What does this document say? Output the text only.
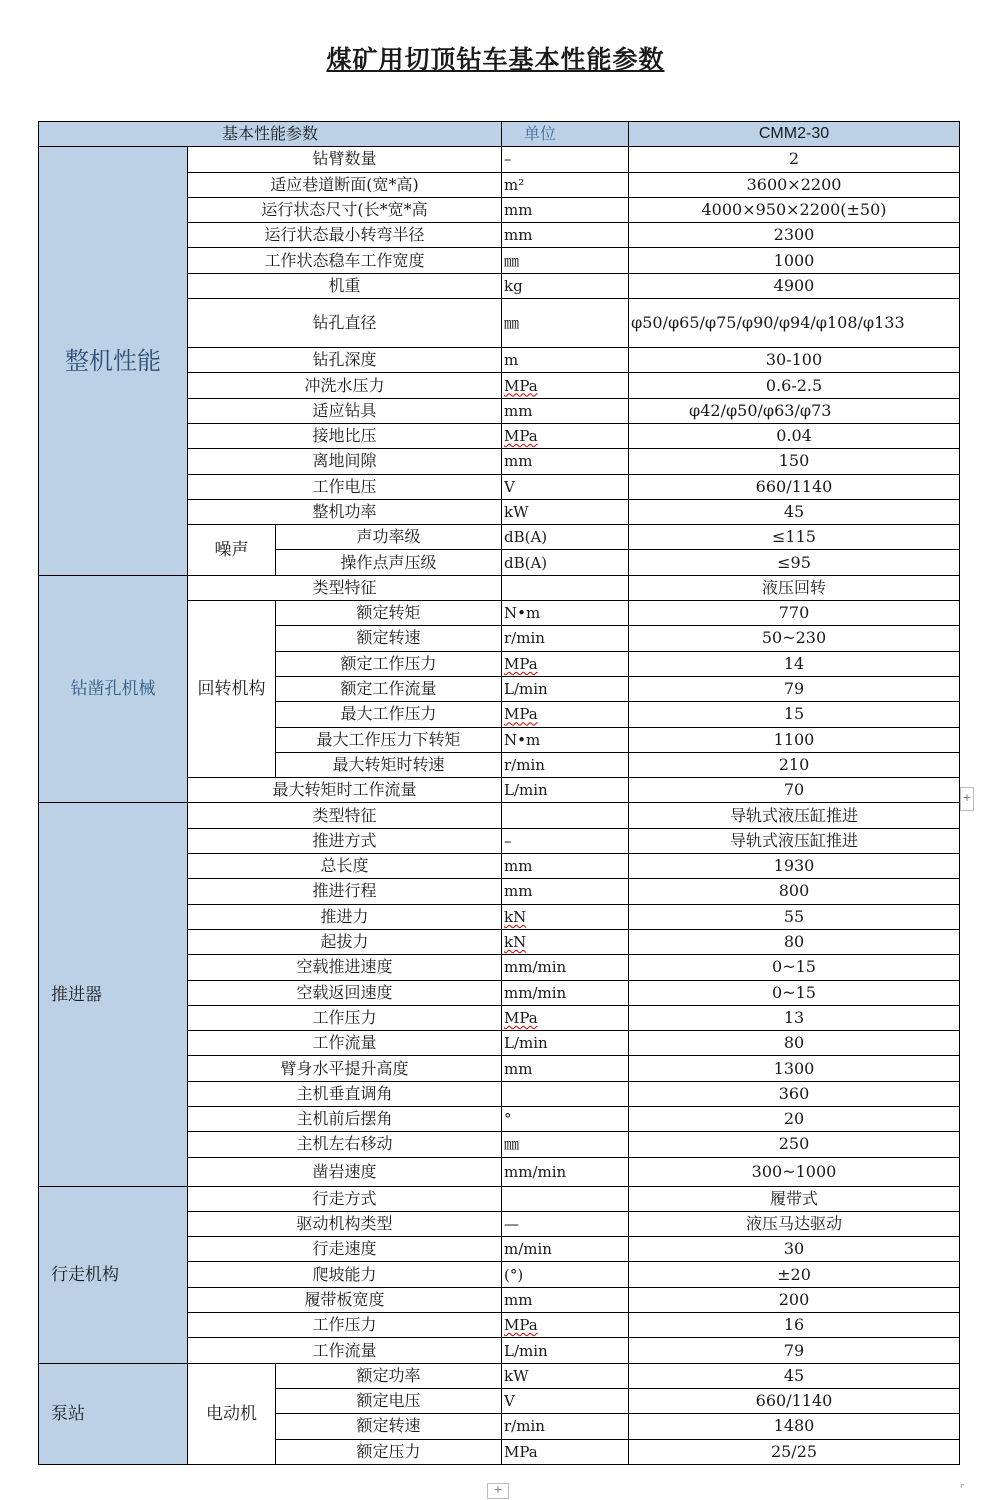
煤矿用切顶钻车基本性能参数
基本性能参数			单位	CMM2-30
整机性能	钻臂数量		–	2
	适应巷道断面(宽*高)		m²	3600×2200
	运行状态尺寸(长*宽*高		mm	4000×950×2200(±50)
	运行状态最小转弯半径		mm	2300
	工作状态稳车工作宽度		㎜	1000
	机重		kg	4900
	钻孔直径		㎜	φ50/φ65/φ75/φ90/φ94/φ108/φ133
	钻孔深度		m	30-100
	冲洗水压力		MPa	0.6-2.5
	适应钻具		mm	φ42/φ50/φ63/φ73
	接地比压		MPa	0.04
	离地间隙		mm	150
	工作电压		V	660/1140
	整机功率		kW	45
	噪声	声功率级	dB(A)	≤115
		操作点声压级	dB(A)	≤95
钻凿孔机械	类型特征			液压回转
	回转机构	额定转矩	N•m	770
		额定转速	r/min	50~230
		额定工作压力	MPa	14
		额定工作流量	L/min	79
		最大工作压力	MPa	15
		最大工作压力下转矩	N•m	1100
		最大转矩时转速	r/min	210
	最大转矩时工作流量		L/min	70
推进器	类型特征			导轨式液压缸推进
	推进方式		–	导轨式液压缸推进
	总长度		mm	1930
	推进行程		mm	800
	推进力		kN	55
	起拔力		kN	80
	空载推进速度		mm/min	0~15
	空载返回速度		mm/min	0~15
	工作压力		MPa	13
	工作流量		L/min	80
	臂身水平提升高度		mm	1300
	主机垂直调角			360
	主机前后摆角		°	20
	主机左右移动		㎜	250
	凿岩速度		mm/min	300~1000
行走机构	行走方式			履带式
	驱动机构类型		—	液压马达驱动
	行走速度		m/min	30
	爬坡能力		(°)	±20
	履带板宽度		mm	200
	工作压力		MPa	16
	工作流量		L/min	79
泵站	电动机	额定功率	kW	45
		额定电压	V	660/1140
		额定转速	r/min	1480
		额定压力	MPa	25/25
+
+	⌜
